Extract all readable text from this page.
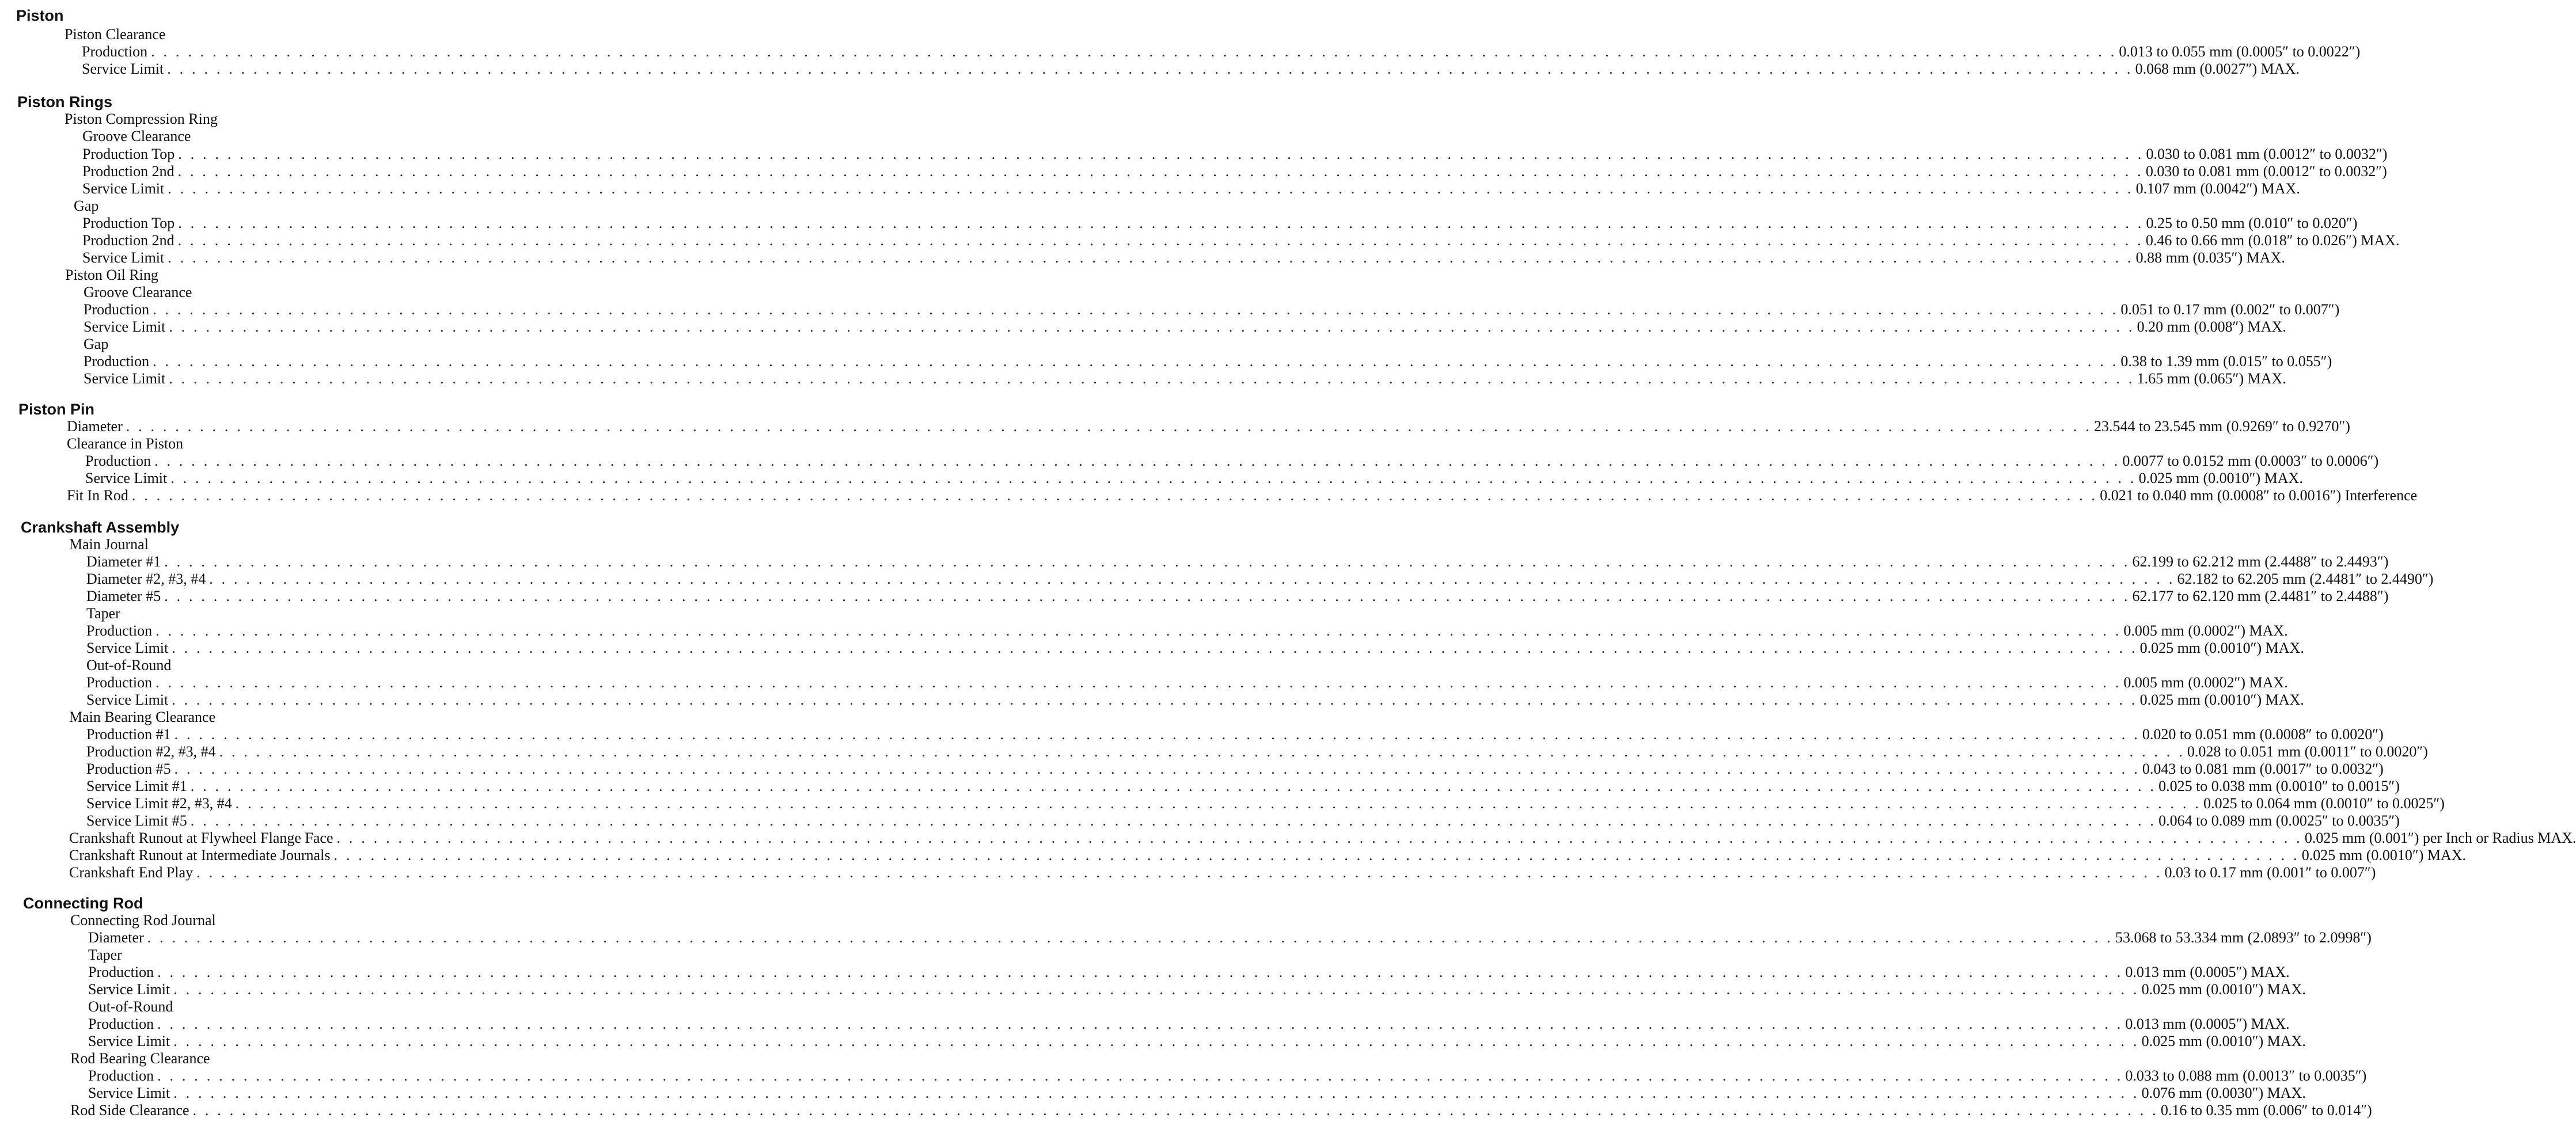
Piston
Piston Clearance
Production . . . . . . . . . . . . . . . . . . . . . . . . . . . . . . . . . . . . . . . . . . . . . . . . . . . . . . . . . . . . . . . . . . . . . . . . . . . . . . . . . . . . . . . . . . . . . . . . . . . . . . . . . . . . . . . . . . . . . . . . . . . . . . . . . . . . . . . . . . . . . . . . . . . . . . . . . . . . . . . . 0.013 to 0.055 mm (0.0005″ to 0.0022″)
Service Limit . . . . . . . . . . . . . . . . . . . . . . . . . . . . . . . . . . . . . . . . . . . . . . . . . . . . . . . . . . . . . . . . . . . . . . . . . . . . . . . . . . . . . . . . . . . . . . . . . . . . . . . . . . . . . . . . . . . . . . . . . . . . . . . . . . . . . . . . . . . . . . . . . . . . . . . . . . . . . . . . 0.068 mm (0.0027″) MAX.
Piston Rings
Piston Compression Ring
Groove Clearance
Production Top . . . . . . . . . . . . . . . . . . . . . . . . . . . . . . . . . . . . . . . . . . . . . . . . . . . . . . . . . . . . . . . . . . . . . . . . . . . . . . . . . . . . . . . . . . . . . . . . . . . . . . . . . . . . . . . . . . . . . . . . . . . . . . . . . . . . . . . . . . . . . . . . . . . . . . . . . . . . . . . . 0.030 to 0.081 mm (0.0012″ to 0.0032″)
Production 2nd . . . . . . . . . . . . . . . . . . . . . . . . . . . . . . . . . . . . . . . . . . . . . . . . . . . . . . . . . . . . . . . . . . . . . . . . . . . . . . . . . . . . . . . . . . . . . . . . . . . . . . . . . . . . . . . . . . . . . . . . . . . . . . . . . . . . . . . . . . . . . . . . . . . . . . . . . . . . . . . . 0.030 to 0.081 mm (0.0012″ to 0.0032″)
Service Limit . . . . . . . . . . . . . . . . . . . . . . . . . . . . . . . . . . . . . . . . . . . . . . . . . . . . . . . . . . . . . . . . . . . . . . . . . . . . . . . . . . . . . . . . . . . . . . . . . . . . . . . . . . . . . . . . . . . . . . . . . . . . . . . . . . . . . . . . . . . . . . . . . . . . . . . . . . . . . . . . 0.107 mm (0.0042″) MAX.
Gap
Production Top . . . . . . . . . . . . . . . . . . . . . . . . . . . . . . . . . . . . . . . . . . . . . . . . . . . . . . . . . . . . . . . . . . . . . . . . . . . . . . . . . . . . . . . . . . . . . . . . . . . . . . . . . . . . . . . . . . . . . . . . . . . . . . . . . . . . . . . . . . . . . . . . . . . . . . . . . . . . . . . . 0.25 to 0.50 mm (0.010″ to 0.020″)
Production 2nd . . . . . . . . . . . . . . . . . . . . . . . . . . . . . . . . . . . . . . . . . . . . . . . . . . . . . . . . . . . . . . . . . . . . . . . . . . . . . . . . . . . . . . . . . . . . . . . . . . . . . . . . . . . . . . . . . . . . . . . . . . . . . . . . . . . . . . . . . . . . . . . . . . . . . . . . . . . . . . . . 0.46 to 0.66 mm (0.018″ to 0.026″) MAX.
Service Limit . . . . . . . . . . . . . . . . . . . . . . . . . . . . . . . . . . . . . . . . . . . . . . . . . . . . . . . . . . . . . . . . . . . . . . . . . . . . . . . . . . . . . . . . . . . . . . . . . . . . . . . . . . . . . . . . . . . . . . . . . . . . . . . . . . . . . . . . . . . . . . . . . . . . . . . . . . . . . . . . 0.88 mm (0.035″) MAX.
Piston Oil Ring
Groove Clearance
Production . . . . . . . . . . . . . . . . . . . . . . . . . . . . . . . . . . . . . . . . . . . . . . . . . . . . . . . . . . . . . . . . . . . . . . . . . . . . . . . . . . . . . . . . . . . . . . . . . . . . . . . . . . . . . . . . . . . . . . . . . . . . . . . . . . . . . . . . . . . . . . . . . . . . . . . . . . . . . . . . 0.051 to 0.17 mm (0.002″ to 0.007″)
Service Limit . . . . . . . . . . . . . . . . . . . . . . . . . . . . . . . . . . . . . . . . . . . . . . . . . . . . . . . . . . . . . . . . . . . . . . . . . . . . . . . . . . . . . . . . . . . . . . . . . . . . . . . . . . . . . . . . . . . . . . . . . . . . . . . . . . . . . . . . . . . . . . . . . . . . . . . . . . . . . . . . 0.20 mm (0.008″) MAX.
Gap
Production . . . . . . . . . . . . . . . . . . . . . . . . . . . . . . . . . . . . . . . . . . . . . . . . . . . . . . . . . . . . . . . . . . . . . . . . . . . . . . . . . . . . . . . . . . . . . . . . . . . . . . . . . . . . . . . . . . . . . . . . . . . . . . . . . . . . . . . . . . . . . . . . . . . . . . . . . . . . . . . . 0.38 to 1.39 mm (0.015″ to 0.055″)
Service Limit . . . . . . . . . . . . . . . . . . . . . . . . . . . . . . . . . . . . . . . . . . . . . . . . . . . . . . . . . . . . . . . . . . . . . . . . . . . . . . . . . . . . . . . . . . . . . . . . . . . . . . . . . . . . . . . . . . . . . . . . . . . . . . . . . . . . . . . . . . . . . . . . . . . . . . . . . . . . . . . . 1.65 mm (0.065″) MAX.
Piston Pin
Diameter . . . . . . . . . . . . . . . . . . . . . . . . . . . . . . . . . . . . . . . . . . . . . . . . . . . . . . . . . . . . . . . . . . . . . . . . . . . . . . . . . . . . . . . . . . . . . . . . . . . . . . . . . . . . . . . . . . . . . . . . . . . . . . . . . . . . . . . . . . . . . . . . . . . . . . . . . . . . . . . . 23.544 to 23.545 mm (0.9269″ to 0.9270″)
Clearance in Piston
Production . . . . . . . . . . . . . . . . . . . . . . . . . . . . . . . . . . . . . . . . . . . . . . . . . . . . . . . . . . . . . . . . . . . . . . . . . . . . . . . . . . . . . . . . . . . . . . . . . . . . . . . . . . . . . . . . . . . . . . . . . . . . . . . . . . . . . . . . . . . . . . . . . . . . . . . . . . . . . . . . 0.0077 to 0.0152 mm (0.0003″ to 0.0006″)
Service Limit . . . . . . . . . . . . . . . . . . . . . . . . . . . . . . . . . . . . . . . . . . . . . . . . . . . . . . . . . . . . . . . . . . . . . . . . . . . . . . . . . . . . . . . . . . . . . . . . . . . . . . . . . . . . . . . . . . . . . . . . . . . . . . . . . . . . . . . . . . . . . . . . . . . . . . . . . . . . . . . . 0.025 mm (0.0010″) MAX.
Fit In Rod . . . . . . . . . . . . . . . . . . . . . . . . . . . . . . . . . . . . . . . . . . . . . . . . . . . . . . . . . . . . . . . . . . . . . . . . . . . . . . . . . . . . . . . . . . . . . . . . . . . . . . . . . . . . . . . . . . . . . . . . . . . . . . . . . . . . . . . . . . . . . . . . . . . . . . . . . . . . . . . . 0.021 to 0.040 mm (0.0008″ to 0.0016″) Interference
Crankshaft Assembly
Main Journal
Diameter #1 . . . . . . . . . . . . . . . . . . . . . . . . . . . . . . . . . . . . . . . . . . . . . . . . . . . . . . . . . . . . . . . . . . . . . . . . . . . . . . . . . . . . . . . . . . . . . . . . . . . . . . . . . . . . . . . . . . . . . . . . . . . . . . . . . . . . . . . . . . . . . . . . . . . . . . . . . . . . . . . . 62.199 to 62.212 mm (2.4488″ to 2.4493″)
Diameter #2, #3, #4 . . . . . . . . . . . . . . . . . . . . . . . . . . . . . . . . . . . . . . . . . . . . . . . . . . . . . . . . . . . . . . . . . . . . . . . . . . . . . . . . . . . . . . . . . . . . . . . . . . . . . . . . . . . . . . . . . . . . . . . . . . . . . . . . . . . . . . . . . . . . . . . . . . . . . . . . . . . . . . . . 62.182 to 62.205 mm (2.4481″ to 2.4490″)
Diameter #5 . . . . . . . . . . . . . . . . . . . . . . . . . . . . . . . . . . . . . . . . . . . . . . . . . . . . . . . . . . . . . . . . . . . . . . . . . . . . . . . . . . . . . . . . . . . . . . . . . . . . . . . . . . . . . . . . . . . . . . . . . . . . . . . . . . . . . . . . . . . . . . . . . . . . . . . . . . . . . . . . 62.177 to 62.120 mm (2.4481″ to 2.4488″)
Taper
Production . . . . . . . . . . . . . . . . . . . . . . . . . . . . . . . . . . . . . . . . . . . . . . . . . . . . . . . . . . . . . . . . . . . . . . . . . . . . . . . . . . . . . . . . . . . . . . . . . . . . . . . . . . . . . . . . . . . . . . . . . . . . . . . . . . . . . . . . . . . . . . . . . . . . . . . . . . . . . . . . 0.005 mm (0.0002″) MAX.
Service Limit . . . . . . . . . . . . . . . . . . . . . . . . . . . . . . . . . . . . . . . . . . . . . . . . . . . . . . . . . . . . . . . . . . . . . . . . . . . . . . . . . . . . . . . . . . . . . . . . . . . . . . . . . . . . . . . . . . . . . . . . . . . . . . . . . . . . . . . . . . . . . . . . . . . . . . . . . . . . . . . . 0.025 mm (0.0010″) MAX.
Out-of-Round
Production . . . . . . . . . . . . . . . . . . . . . . . . . . . . . . . . . . . . . . . . . . . . . . . . . . . . . . . . . . . . . . . . . . . . . . . . . . . . . . . . . . . . . . . . . . . . . . . . . . . . . . . . . . . . . . . . . . . . . . . . . . . . . . . . . . . . . . . . . . . . . . . . . . . . . . . . . . . . . . . . 0.005 mm (0.0002″) MAX.
Service Limit . . . . . . . . . . . . . . . . . . . . . . . . . . . . . . . . . . . . . . . . . . . . . . . . . . . . . . . . . . . . . . . . . . . . . . . . . . . . . . . . . . . . . . . . . . . . . . . . . . . . . . . . . . . . . . . . . . . . . . . . . . . . . . . . . . . . . . . . . . . . . . . . . . . . . . . . . . . . . . . . 0.025 mm (0.0010″) MAX.
Main Bearing Clearance
Production #1 . . . . . . . . . . . . . . . . . . . . . . . . . . . . . . . . . . . . . . . . . . . . . . . . . . . . . . . . . . . . . . . . . . . . . . . . . . . . . . . . . . . . . . . . . . . . . . . . . . . . . . . . . . . . . . . . . . . . . . . . . . . . . . . . . . . . . . . . . . . . . . . . . . . . . . . . . . . . . . . . 0.020 to 0.051 mm (0.0008″ to 0.0020″)
Production #2, #3, #4 . . . . . . . . . . . . . . . . . . . . . . . . . . . . . . . . . . . . . . . . . . . . . . . . . . . . . . . . . . . . . . . . . . . . . . . . . . . . . . . . . . . . . . . . . . . . . . . . . . . . . . . . . . . . . . . . . . . . . . . . . . . . . . . . . . . . . . . . . . . . . . . . . . . . . . . . . . . . . . . . 0.028 to 0.051 mm (0.0011″ to 0.0020″)
Production #5 . . . . . . . . . . . . . . . . . . . . . . . . . . . . . . . . . . . . . . . . . . . . . . . . . . . . . . . . . . . . . . . . . . . . . . . . . . . . . . . . . . . . . . . . . . . . . . . . . . . . . . . . . . . . . . . . . . . . . . . . . . . . . . . . . . . . . . . . . . . . . . . . . . . . . . . . . . . . . . . . 0.043 to 0.081 mm (0.0017″ to 0.0032″)
Service Limit #1 . . . . . . . . . . . . . . . . . . . . . . . . . . . . . . . . . . . . . . . . . . . . . . . . . . . . . . . . . . . . . . . . . . . . . . . . . . . . . . . . . . . . . . . . . . . . . . . . . . . . . . . . . . . . . . . . . . . . . . . . . . . . . . . . . . . . . . . . . . . . . . . . . . . . . . . . . . . . . . . . 0.025 to 0.038 mm (0.0010″ to 0.0015″)
Service Limit #2, #3, #4 . . . . . . . . . . . . . . . . . . . . . . . . . . . . . . . . . . . . . . . . . . . . . . . . . . . . . . . . . . . . . . . . . . . . . . . . . . . . . . . . . . . . . . . . . . . . . . . . . . . . . . . . . . . . . . . . . . . . . . . . . . . . . . . . . . . . . . . . . . . . . . . . . . . . . . . . . . . . . . . . 0.025 to 0.064 mm (0.0010″ to 0.0025″)
Service Limit #5 . . . . . . . . . . . . . . . . . . . . . . . . . . . . . . . . . . . . . . . . . . . . . . . . . . . . . . . . . . . . . . . . . . . . . . . . . . . . . . . . . . . . . . . . . . . . . . . . . . . . . . . . . . . . . . . . . . . . . . . . . . . . . . . . . . . . . . . . . . . . . . . . . . . . . . . . . . . . . . . . 0.064 to 0.089 mm (0.0025″ to 0.0035″)
Crankshaft Runout at Flywheel Flange Face . . . . . . . . . . . . . . . . . . . . . . . . . . . . . . . . . . . . . . . . . . . . . . . . . . . . . . . . . . . . . . . . . . . . . . . . . . . . . . . . . . . . . . . . . . . . . . . . . . . . . . . . . . . . . . . . . . . . . . . . . . . . . . . . . . . . . . . . . . . . . . . . . . . . . . . . . . . . . . . . 0.025 mm (0.001″) per Inch or Radius MAX.
Crankshaft Runout at Intermediate Journals . . . . . . . . . . . . . . . . . . . . . . . . . . . . . . . . . . . . . . . . . . . . . . . . . . . . . . . . . . . . . . . . . . . . . . . . . . . . . . . . . . . . . . . . . . . . . . . . . . . . . . . . . . . . . . . . . . . . . . . . . . . . . . . . . . . . . . . . . . . . . . . . . . . . . . . . . . . . . . . . 0.025 mm (0.0010″) MAX.
Crankshaft End Play . . . . . . . . . . . . . . . . . . . . . . . . . . . . . . . . . . . . . . . . . . . . . . . . . . . . . . . . . . . . . . . . . . . . . . . . . . . . . . . . . . . . . . . . . . . . . . . . . . . . . . . . . . . . . . . . . . . . . . . . . . . . . . . . . . . . . . . . . . . . . . . . . . . . . . . . . . . . . . . . 0.03 to 0.17 mm (0.001″ to 0.007″)
Connecting Rod
Connecting Rod Journal
Diameter . . . . . . . . . . . . . . . . . . . . . . . . . . . . . . . . . . . . . . . . . . . . . . . . . . . . . . . . . . . . . . . . . . . . . . . . . . . . . . . . . . . . . . . . . . . . . . . . . . . . . . . . . . . . . . . . . . . . . . . . . . . . . . . . . . . . . . . . . . . . . . . . . . . . . . . . . . . . . . . . 53.068 to 53.334 mm (2.0893″ to 2.0998″)
Taper
Production . . . . . . . . . . . . . . . . . . . . . . . . . . . . . . . . . . . . . . . . . . . . . . . . . . . . . . . . . . . . . . . . . . . . . . . . . . . . . . . . . . . . . . . . . . . . . . . . . . . . . . . . . . . . . . . . . . . . . . . . . . . . . . . . . . . . . . . . . . . . . . . . . . . . . . . . . . . . . . . . 0.013 mm (0.0005″) MAX.
Service Limit . . . . . . . . . . . . . . . . . . . . . . . . . . . . . . . . . . . . . . . . . . . . . . . . . . . . . . . . . . . . . . . . . . . . . . . . . . . . . . . . . . . . . . . . . . . . . . . . . . . . . . . . . . . . . . . . . . . . . . . . . . . . . . . . . . . . . . . . . . . . . . . . . . . . . . . . . . . . . . . . 0.025 mm (0.0010″) MAX.
Out-of-Round
Production . . . . . . . . . . . . . . . . . . . . . . . . . . . . . . . . . . . . . . . . . . . . . . . . . . . . . . . . . . . . . . . . . . . . . . . . . . . . . . . . . . . . . . . . . . . . . . . . . . . . . . . . . . . . . . . . . . . . . . . . . . . . . . . . . . . . . . . . . . . . . . . . . . . . . . . . . . . . . . . . 0.013 mm (0.0005″) MAX.
Service Limit . . . . . . . . . . . . . . . . . . . . . . . . . . . . . . . . . . . . . . . . . . . . . . . . . . . . . . . . . . . . . . . . . . . . . . . . . . . . . . . . . . . . . . . . . . . . . . . . . . . . . . . . . . . . . . . . . . . . . . . . . . . . . . . . . . . . . . . . . . . . . . . . . . . . . . . . . . . . . . . . 0.025 mm (0.0010″) MAX.
Rod Bearing Clearance
Production . . . . . . . . . . . . . . . . . . . . . . . . . . . . . . . . . . . . . . . . . . . . . . . . . . . . . . . . . . . . . . . . . . . . . . . . . . . . . . . . . . . . . . . . . . . . . . . . . . . . . . . . . . . . . . . . . . . . . . . . . . . . . . . . . . . . . . . . . . . . . . . . . . . . . . . . . . . . . . . . 0.033 to 0.088 mm (0.0013″ to 0.0035″)
Service Limit . . . . . . . . . . . . . . . . . . . . . . . . . . . . . . . . . . . . . . . . . . . . . . . . . . . . . . . . . . . . . . . . . . . . . . . . . . . . . . . . . . . . . . . . . . . . . . . . . . . . . . . . . . . . . . . . . . . . . . . . . . . . . . . . . . . . . . . . . . . . . . . . . . . . . . . . . . . . . . . . 0.076 mm (0.0030″) MAX.
Rod Side Clearance . . . . . . . . . . . . . . . . . . . . . . . . . . . . . . . . . . . . . . . . . . . . . . . . . . . . . . . . . . . . . . . . . . . . . . . . . . . . . . . . . . . . . . . . . . . . . . . . . . . . . . . . . . . . . . . . . . . . . . . . . . . . . . . . . . . . . . . . . . . . . . . . . . . . . . . . . . . . . . . . 0.16 to 0.35 mm (0.006″ to 0.014″)
